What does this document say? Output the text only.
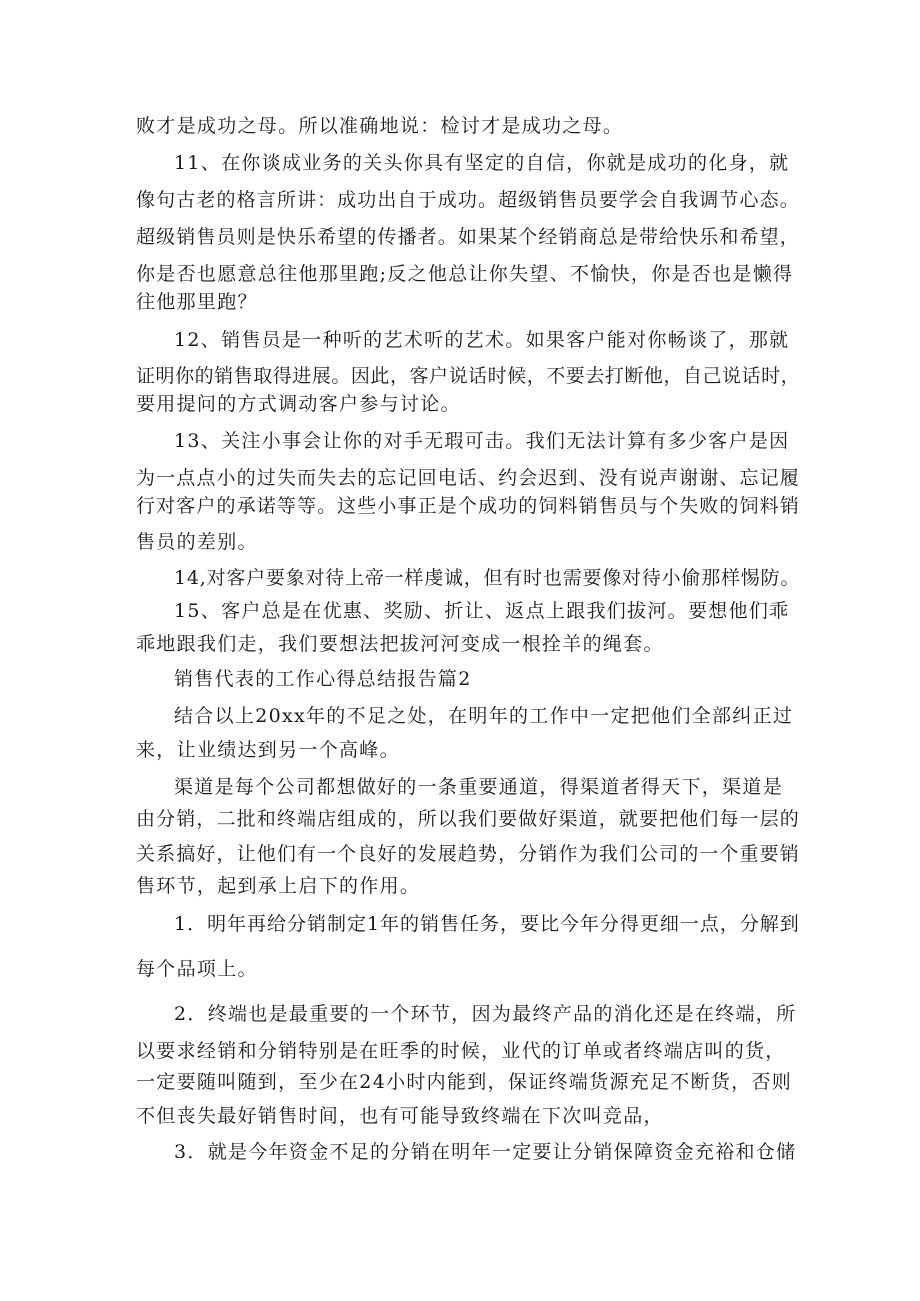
败才是成功之母。所以准确地说：检讨才是成功之母。
11、在你谈成业务的关头你具有坚定的自信，你就是成功的化身，就
像句古老的格言所讲：成功出自于成功。超级销售员要学会自我调节心态。
超级销售员则是快乐希望的传播者。如果某个经销商总是带给快乐和希望，
你是否也愿意总往他那里跑;反之他总让你失望、不愉快，你是否也是懒得
往他那里跑？
12、销售员是一种听的艺术听的艺术。如果客户能对你畅谈了，那就
证明你的销售取得进展。因此，客户说话时候，不要去打断他，自己说话时，
要用提问的方式调动客户参与讨论。
13、关注小事会让你的对手无瑕可击。我们无法计算有多少客户是因
为一点点小的过失而失去的忘记回电话、约会迟到、没有说声谢谢、忘记履
行对客户的承诺等等。这些小事正是个成功的饲料销售员与个失败的饲料销
售员的差别。
14,对客户要象对待上帝一样虔诚，但有时也需要像对待小偷那样惕防。
15、客户总是在优惠、奖励、折让、返点上跟我们拔河。要想他们乖
乖地跟我们走，我们要想法把拔河河变成一根拴羊的绳套。
销售代表的工作心得总结报告篇2
结合以上20xx年的不足之处，在明年的工作中一定把他们全部纠正过
来，让业绩达到另一个高峰。
渠道是每个公司都想做好的一条重要通道，得渠道者得天下，渠道是
由分销，二批和终端店组成的，所以我们要做好渠道，就要把他们每一层的
关系搞好，让他们有一个良好的发展趋势，分销作为我们公司的一个重要销
售环节，起到承上启下的作用。
1．明年再给分销制定1年的销售任务，要比今年分得更细一点，分解到
每个品项上。
2．终端也是最重要的一个环节，因为最终产品的消化还是在终端，所
以要求经销和分销特别是在旺季的时候，业代的订单或者终端店叫的货，
一定要随叫随到，至少在24小时内能到，保证终端货源充足不断货，否则
不但丧失最好销售时间，也有可能导致终端在下次叫竞品，
3．就是今年资金不足的分销在明年一定要让分销保障资金充裕和仓储
